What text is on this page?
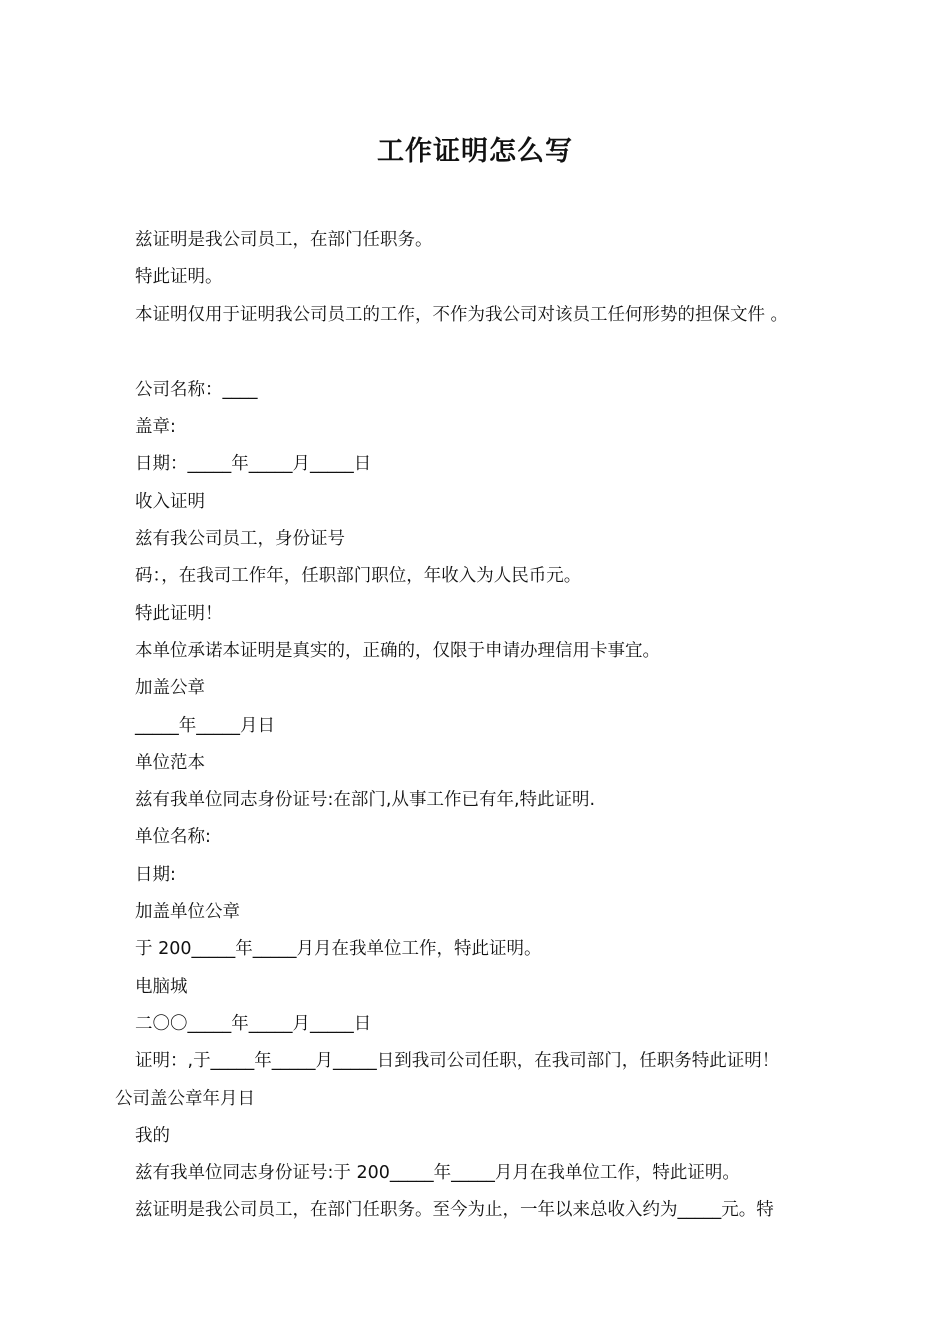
工作证明怎么写
兹证明是我公司员工，在部门任职务。
特此证明。
本证明仅用于证明我公司员工的工作，不作为我公司对该员工任何形势的担保文件 。
公司名称：____
盖章:
日期：_____年_____月_____日
收入证明
兹有我公司员工，身份证号
码：，在我司工作年，任职部门职位，年收入为人民币元。
特此证明！
本单位承诺本证明是真实的，正确的，仅限于申请办理信用卡事宜。
加盖公章
_____年_____月日
单位范本
兹有我单位同志身份证号:在部门,从事工作已有年,特此证明.
单位名称:
日期:
加盖单位公章
于 200_____年_____月月在我单位工作，特此证明。
电脑城
二〇〇_____年_____月_____日
证明：,于_____年_____月_____日到我司公司任职，在我司部门，任职务特此证明！
公司盖公章年月日
我的
兹有我单位同志身份证号:于 200_____年_____月月在我单位工作，特此证明。
兹证明是我公司员工，在部门任职务。至今为止，一年以来总收入约为_____元。特
